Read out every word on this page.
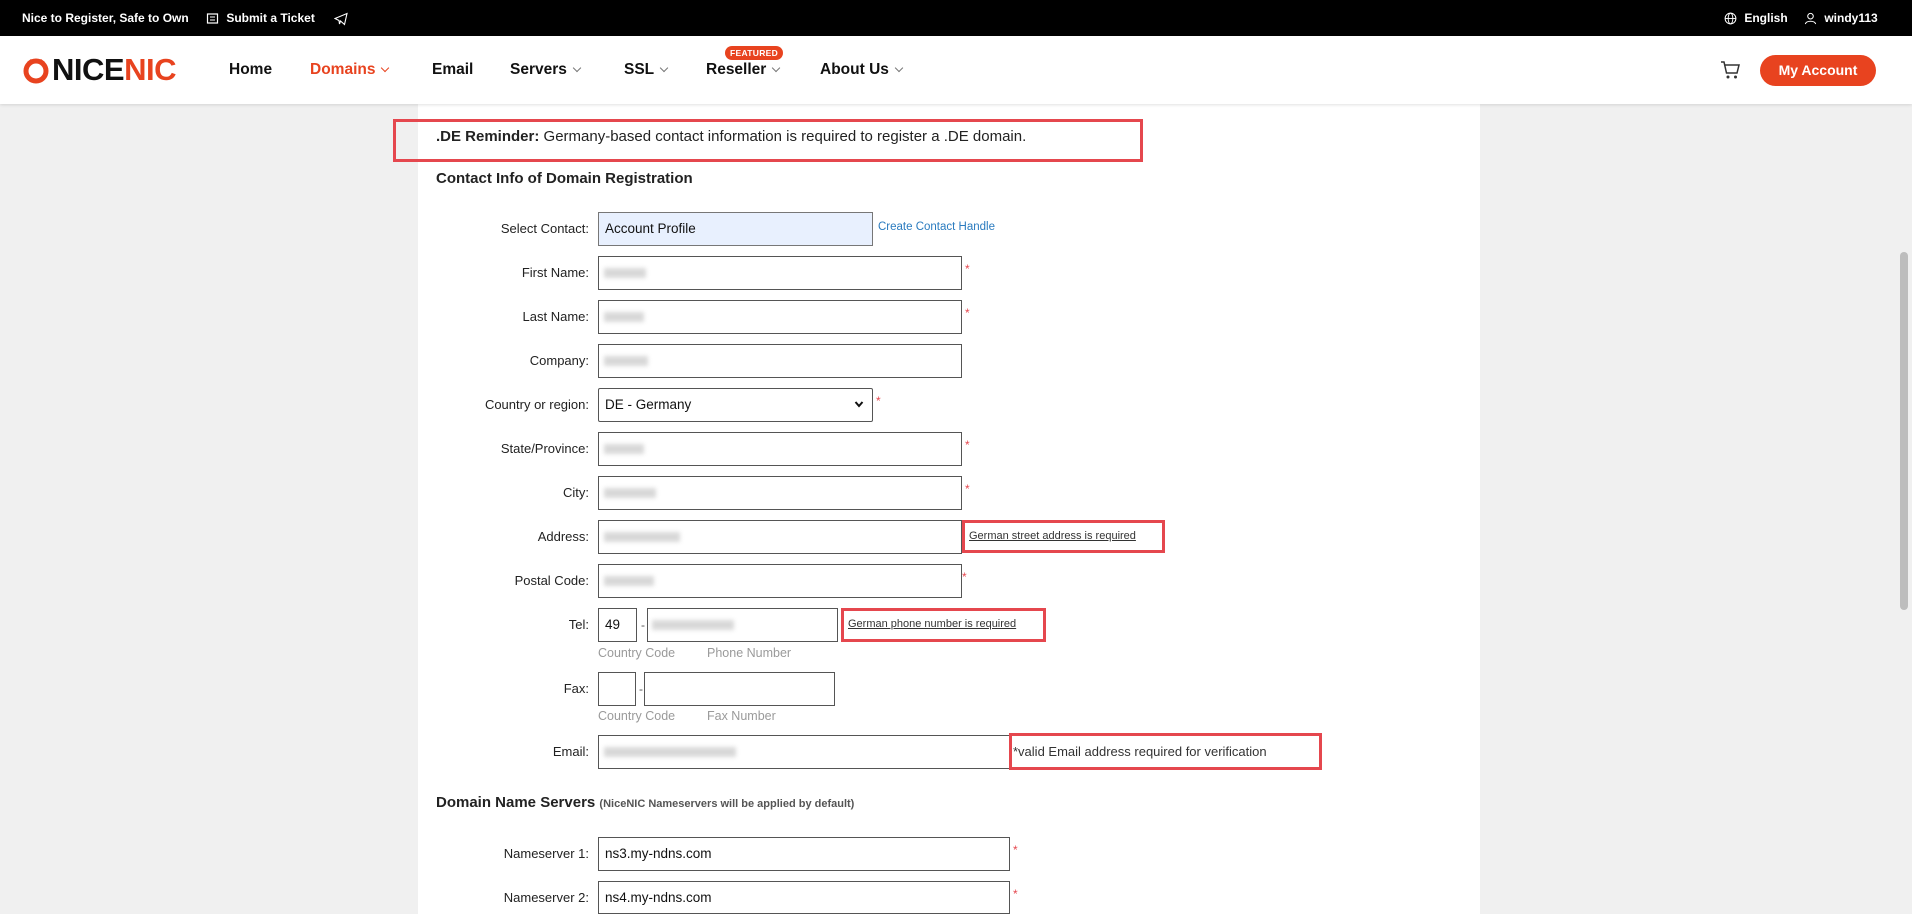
Nice to Register, Safe to Own	Submit a Ticket	English	windy113
NICENIC	Home Domains	Email Servers	SSL
FEATURED
Reseller	About Us	My Account
.DE Reminder: Germany-based contact information is required to register a .DE domain.
Contact Info of Domain Registration
Select Contact:	Account Profile	Create Contact Handle
First Name:	*
Last Name:	*
Company:
Country or region:	DE - Germany	*
State/Province:	*
City:	*
Address:	German street address is required
Postal Code:	*
Tel:	49	-	German phone number is required
Country Code	Phone Number
Fax:	-
Country Code	Fax Number
Email:	*valid Email address required for verification
Domain Name Servers (NiceNIC Nameservers will be applied by default)
Nameserver 1:	ns3.my-ndns.com	*
Nameserver 2:	ns4.my-ndns.com	*
